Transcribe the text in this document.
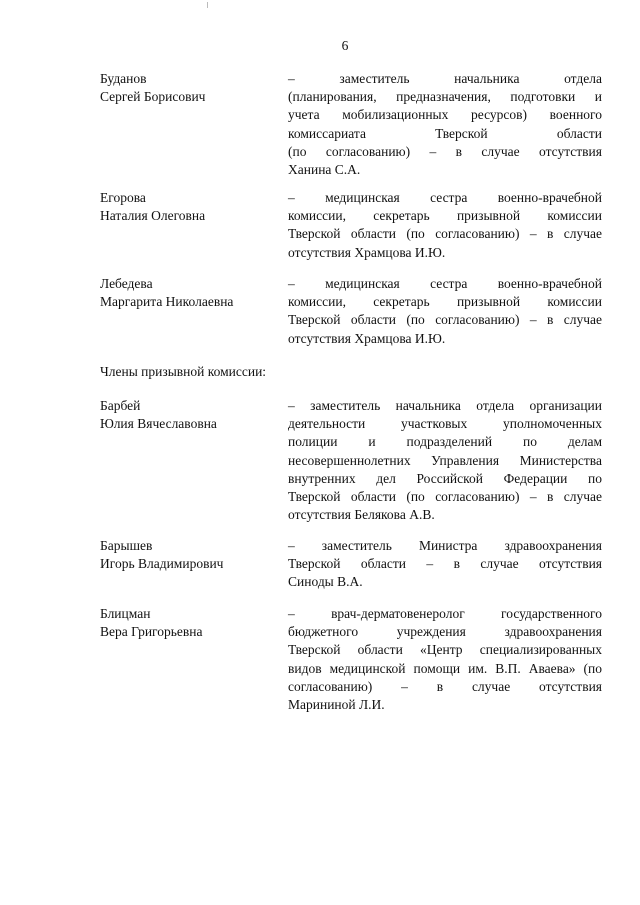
6
Буданов
Сергей Борисович
– заместитель начальника отдела
(планирования, предназначения, подготовки и
учета мобилизационных ресурсов) военного
комиссариата Тверской области
(по согласованию) – в случае отсутствия
Ханина С.А.
Егорова
Наталия Олеговна
– медицинская сестра военно-врачебной
комиссии, секретарь призывной комиссии
Тверской области (по согласованию) – в случае
отсутствия Храмцова И.Ю.
Лебедева
Маргарита Николаевна
– медицинская сестра военно-врачебной
комиссии, секретарь призывной комиссии
Тверской области (по согласованию) – в случае
отсутствия Храмцова И.Ю.
Члены призывной комиссии:
Барбей
Юлия Вячеславовна
– заместитель начальника отдела организации
деятельности участковых уполномоченных
полиции и подразделений по делам
несовершеннолетних Управления Министерства
внутренних дел Российской Федерации по
Тверской области (по согласованию) – в случае
отсутствия Белякова А.В.
Барышев
Игорь Владимирович
– заместитель Министра здравоохранения
Тверской области – в случае отсутствия
Синоды В.А.
Блицман
Вера Григорьевна
– врач-дерматовенеролог государственного
бюджетного учреждения здравоохранения
Тверской области «Центр специализированных
видов медицинской помощи им. В.П. Аваева» (по
согласованию) – в случае отсутствия
Марининой Л.И.
